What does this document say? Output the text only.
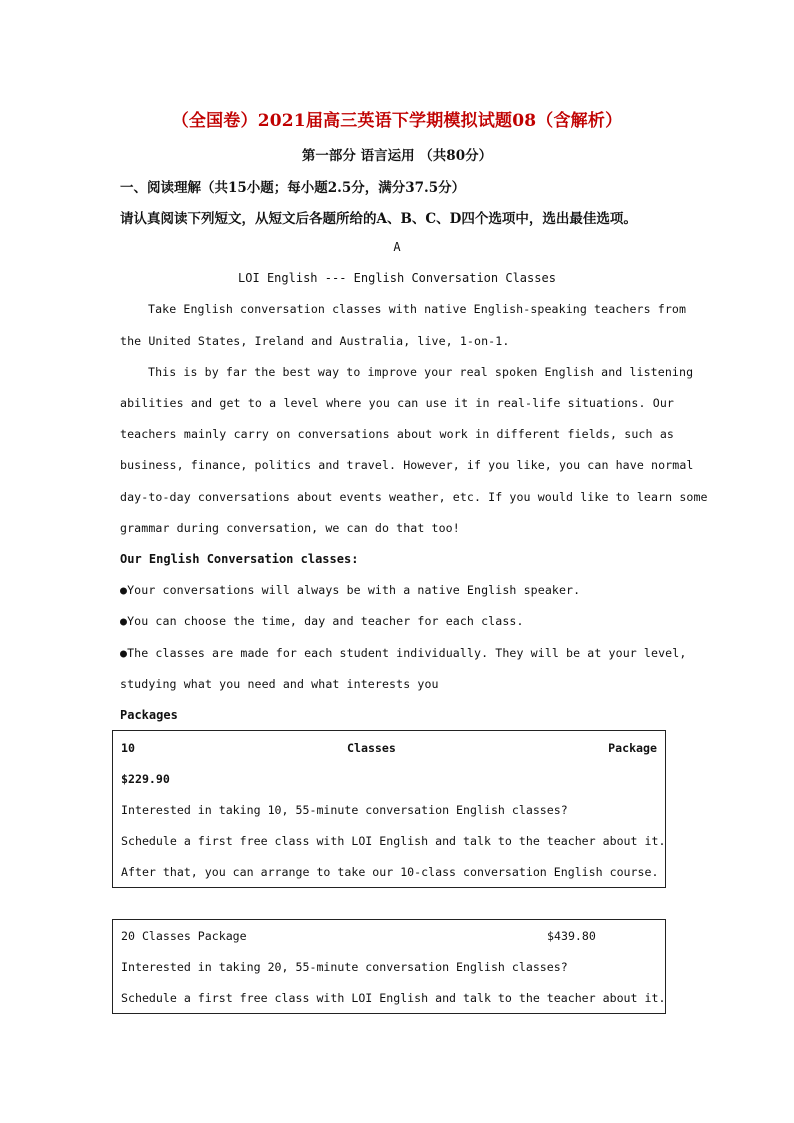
（全国卷）2021届高三英语下学期模拟试题08（含解析）
第一部分 语言运用 （共80分）
一、阅读理解（共15小题；每小题2.5分，满分37.5分）
请认真阅读下列短文，从短文后各题所给的A、B、C、D四个选项中，选出最佳选项。
A
LOI English --- English Conversation Classes
Take English conversation classes with native English-speaking teachers from
the United States, Ireland and Australia, live, 1-on-1.
This is by far the best way to improve your real spoken English and listening
abilities and get to a level where you can use it in real-life situations. Our
teachers mainly carry on conversations about work in different fields, such as
business, finance, politics and travel. However, if you like, you can have normal
day-to-day conversations about events weather, etc. If you would like to learn some
grammar during conversation, we can do that too!
Our English Conversation classes:
●Your conversations will always be with a native English speaker.
●You can choose the time, day and teacher for each class.
●The classes are made for each student individually. They will be at your level,
studying what you need and what interests you
Packages
10	Classes	Package
$229.90
Interested in taking 10, 55-minute conversation English classes?
Schedule a first free class with LOI English and talk to the teacher about it.
After that, you can arrange to take our 10-class conversation English course.
20 Classes Package	$439.80
Interested in taking 20, 55-minute conversation English classes?
Schedule a first free class with LOI English and talk to the teacher about it.
